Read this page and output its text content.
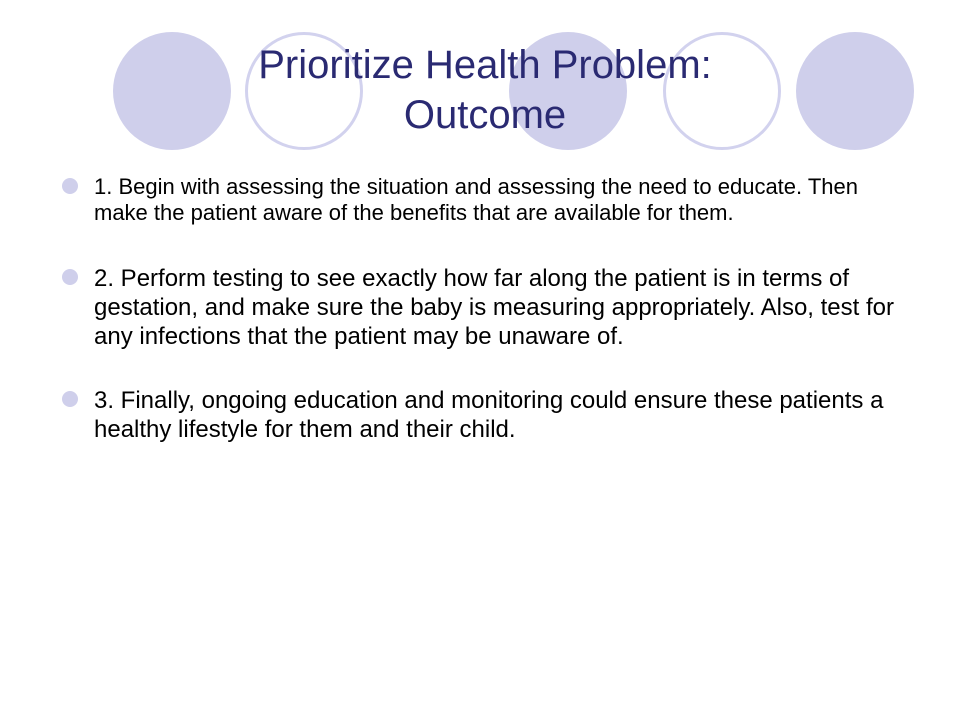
Prioritize Health Problem:
Outcome
1. Begin with assessing the situation and assessing the need to educate. Then make the patient aware of the benefits that are available for them.
2. Perform testing to see exactly how far along the patient is in terms of gestation, and make sure the baby is measuring appropriately. Also, test for any infections that the patient may be unaware of.
3. Finally, ongoing education and monitoring could ensure these patients a healthy lifestyle for them and their child.
